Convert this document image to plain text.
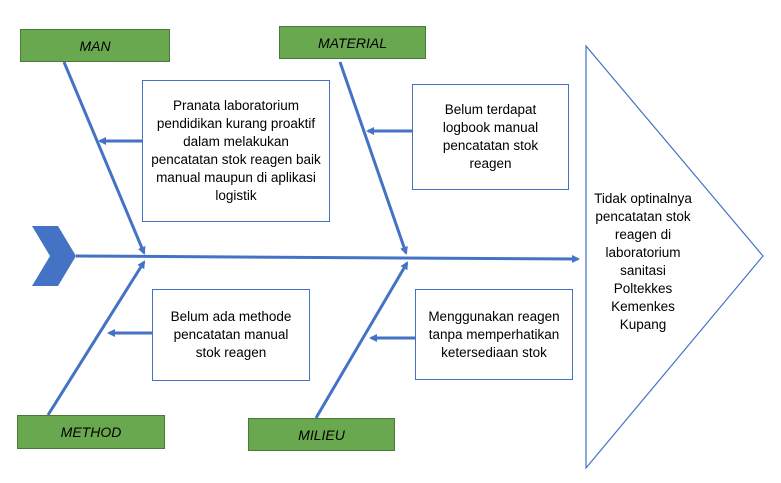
MAN	MATERIAL
METHOD	MILIEU
Pranata laboratorium pendidikan kurang proaktif dalam melakukan pencatatan stok reagen baik manual maupun di aplikasi logistik
Belum terdapat logbook manual pencatatan stok reagen
Belum ada methode pencatatan manual stok reagen
Menggunakan reagen tanpa memperhatikan ketersediaan stok
Tidak optinalnya pencatatan stok reagen di laboratorium sanitasi Poltekkes Kemenkes Kupang
